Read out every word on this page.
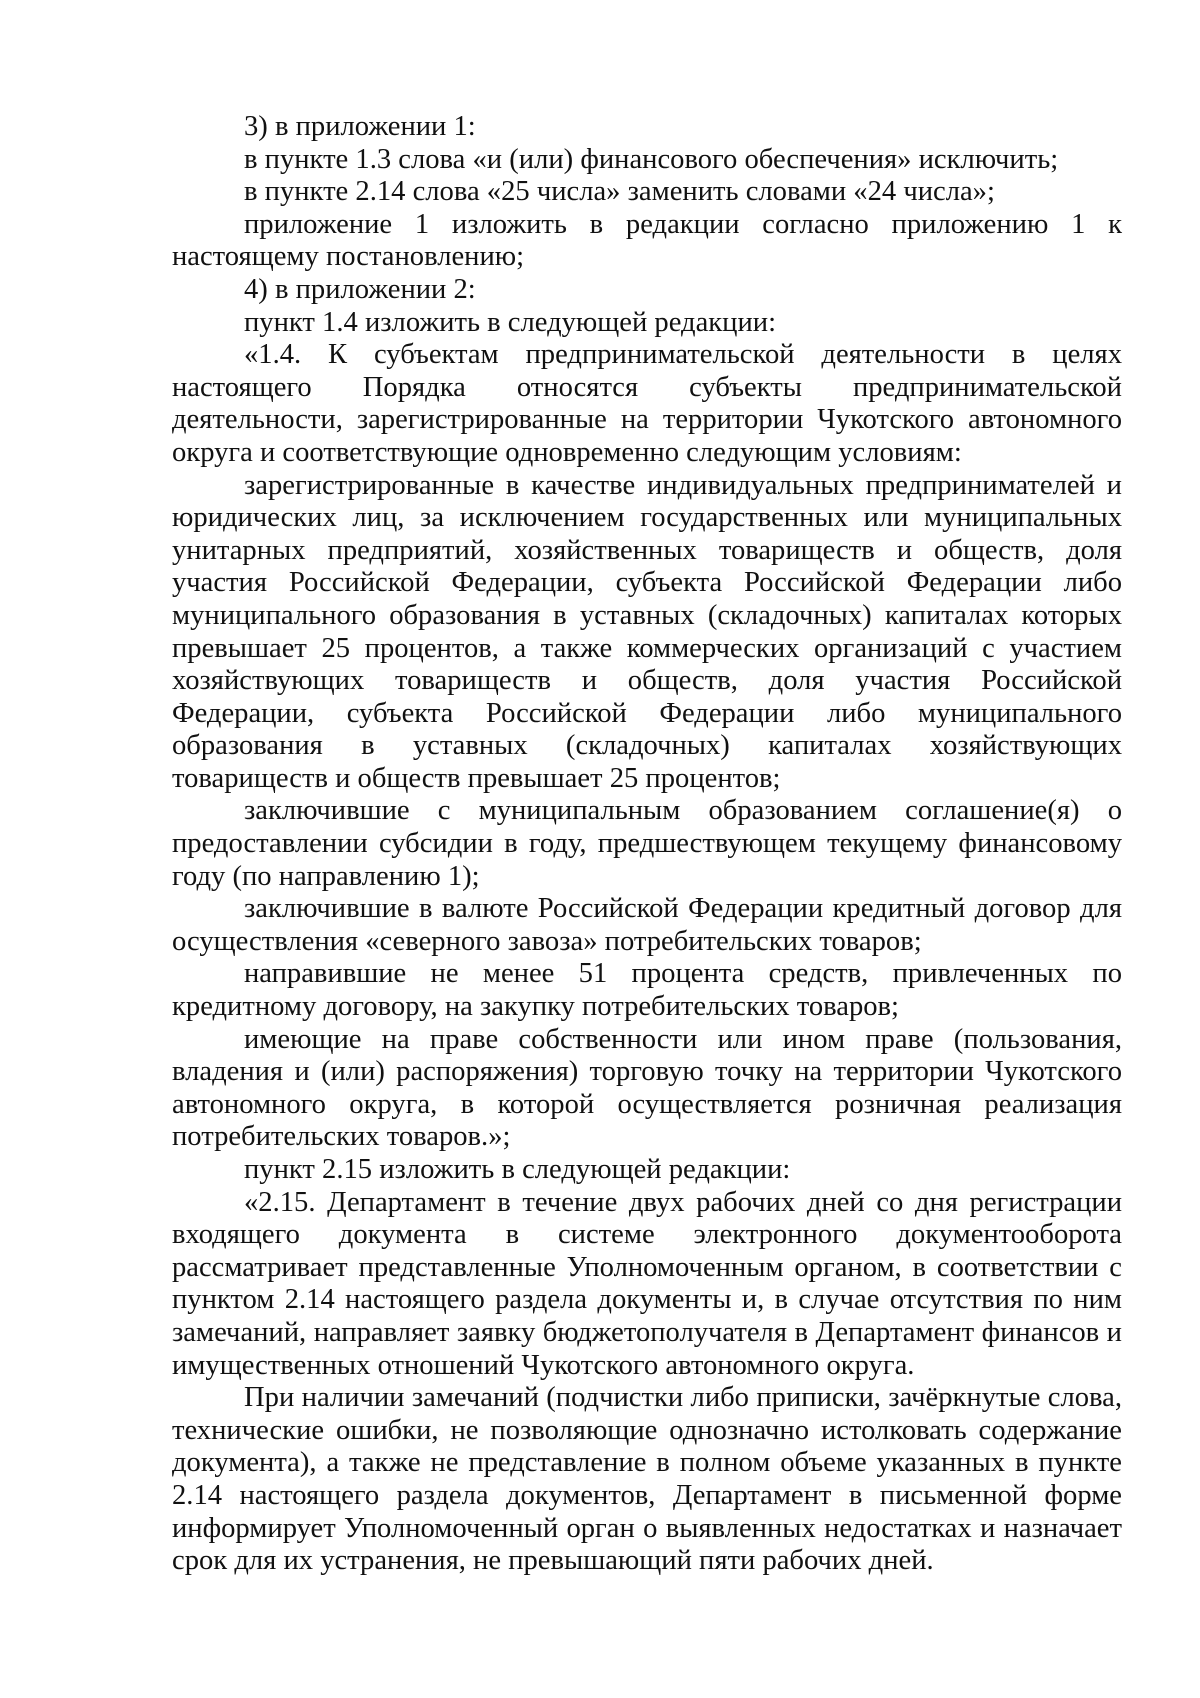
3) в приложении 1:

в пункте 1.3 слова «и (или) финансового обеспечения» исключить;

в пункте 2.14 слова «25 числа» заменить словами «24 числа»;

приложение 1 изложить в редакции согласно приложению 1 к настоящему постановлению;

4) в приложении 2:

пункт 1.4 изложить в следующей редакции:

«1.4. К субъектам предпринимательской деятельности в целях настоящего Порядка относятся субъекты предпринимательской деятельности, зарегистрированные на территории Чукотского автономного округа и соответствующие одновременно следующим условиям:

зарегистрированные в качестве индивидуальных предпринимателей и юридических лиц, за исключением государственных или муниципальных унитарных предприятий, хозяйственных товариществ и обществ, доля участия Российской Федерации, субъекта Российской Федерации либо муниципального образования в уставных (складочных) капиталах которых превышает 25 процентов, а также коммерческих организаций с участием хозяйствующих товариществ и обществ, доля участия Российской Федерации, субъекта Российской Федерации либо муниципального образования в уставных (складочных) капиталах хозяйствующих товариществ и обществ превышает 25 процентов;

заключившие с муниципальным образованием соглашение(я) о предоставлении субсидии в году, предшествующем текущему финансовому году (по направлению 1);

заключившие в валюте Российской Федерации кредитный договор для осуществления «северного завоза» потребительских товаров;

направившие не менее 51 процента средств, привлеченных по кредитному договору, на закупку потребительских товаров;

имеющие на праве собственности или ином праве (пользования, владения и (или) распоряжения) торговую точку на территории Чукотского автономного округа, в которой осуществляется розничная реализация потребительских товаров.»;

пункт 2.15 изложить в следующей редакции:

«2.15. Департамент в течение двух рабочих дней со дня регистрации входящего документа в системе электронного документооборота рассматривает представленные Уполномоченным органом, в соответствии с пунктом 2.14 настоящего раздела документы и, в случае отсутствия по ним замечаний, направляет заявку бюджетополучателя в Департамент финансов и имущественных отношений Чукотского автономного округа.

При наличии замечаний (подчистки либо приписки, зачёркнутые слова, технические ошибки, не позволяющие однозначно истолковать содержание документа), а также не представление в полном объеме указанных в пункте 2.14 настоящего раздела документов, Департамент в письменной форме информирует Уполномоченный орган о выявленных недостатках и назначает срок для их устранения, не превышающий пяти рабочих дней.
